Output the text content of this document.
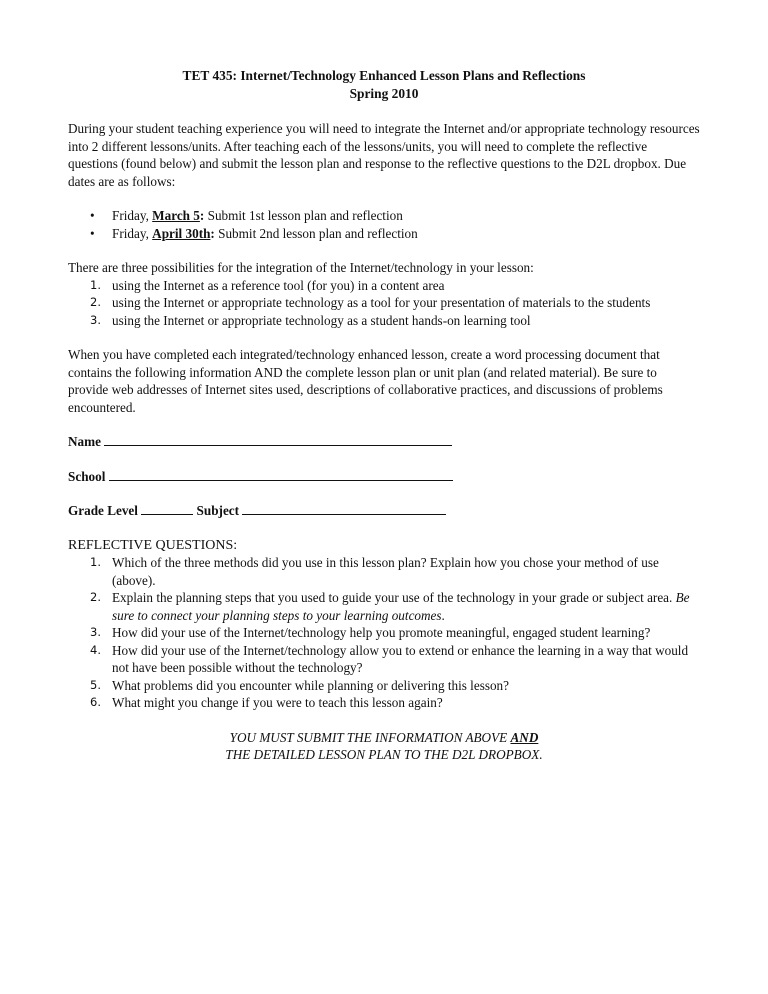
TET 435: Internet/Technology Enhanced Lesson Plans and Reflections
Spring 2010

During your student teaching experience you will need to integrate the Internet and/or appropriate technology resources into 2 different lessons/units. After teaching each of the lessons/units, you will need to complete the reflective questions (found below) and submit the lesson plan and response to the reflective questions to the D2L dropbox. Due dates are as follows:

• Friday, March 5: Submit 1st lesson plan and reflection
• Friday, April 30th: Submit 2nd lesson plan and reflection

There are three possibilities for the integration of the Internet/technology in your lesson:

1. using the Internet as a reference tool (for you) in a content area
2. using the Internet or appropriate technology as a tool for your presentation of materials to the students
3. using the Internet or appropriate technology as a student hands-on learning tool

When you have completed each integrated/technology enhanced lesson, create a word processing document that contains the following information AND the complete lesson plan or unit plan (and related material). Be sure to provide web addresses of Internet sites used, descriptions of collaborative practices, and discussions of problems encountered.

Name
School
Grade Level	Subject
REFLECTIVE QUESTIONS:
1. Which of the three methods did you use in this lesson plan? Explain how you chose your method of use (above).
2. Explain the planning steps that you used to guide your use of the technology in your grade or subject area. Be sure to connect your planning steps to your learning outcomes.
3. How did your use of the Internet/technology help you promote meaningful, engaged student learning?
4. How did your use of the Internet/technology allow you to extend or enhance the learning in a way that would not have been possible without the technology?
5. What problems did you encounter while planning or delivering this lesson?
6. What might you change if you were to teach this lesson again?
YOU MUST SUBMIT THE INFORMATION ABOVE AND
THE DETAILED LESSON PLAN TO THE D2L DROPBOX.
